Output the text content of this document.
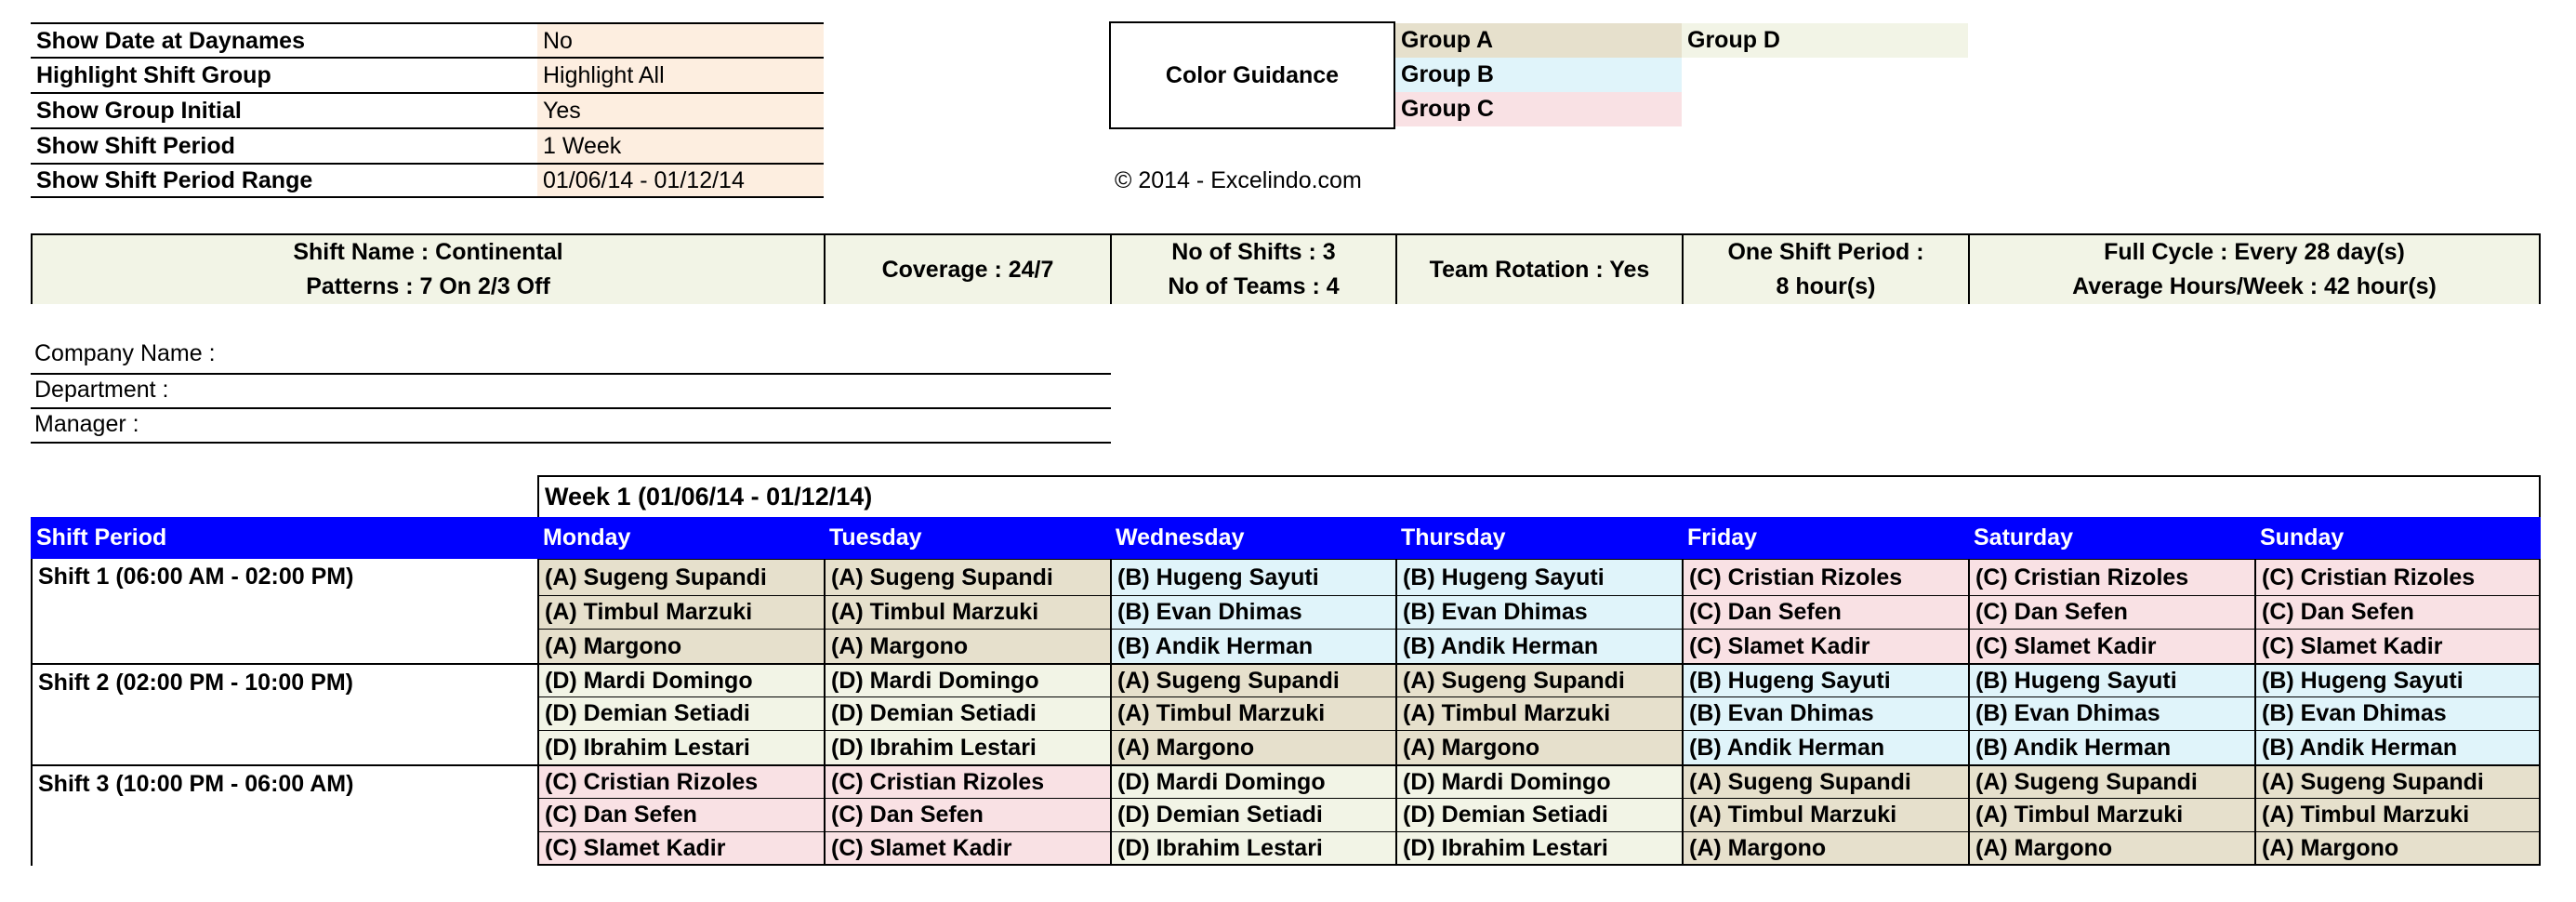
Show Date at Daynames	No
Highlight Shift Group	Highlight All
Show Group Initial	Yes
Show Shift Period	1 Week
Show Shift Period Range	01/06/14 - 01/12/14
Color Guidance
Group A
Group B
Group C
Group D
© 2014 - Excelindo.com
Shift Name : Continental
Patterns : 7 On 2/3 Off
Coverage : 24/7
No of Shifts : 3
No of Teams : 4
Team Rotation : Yes
One Shift Period :
8 hour(s)
Full Cycle : Every 28 day(s)
Average Hours/Week : 42 hour(s)
Company Name :
Department :
Manager :
Week 1 (01/06/14 - 01/12/14)
Shift Period	Monday	Tuesday	Wednesday	Thursday	Friday	Saturday	Sunday
Shift 1 (06:00 AM - 02:00 PM)	(A) Sugeng Supandi	(A) Sugeng Supandi	(B) Hugeng Sayuti	(B) Hugeng Sayuti	(C) Cristian Rizoles	(C) Cristian Rizoles	(C) Cristian Rizoles
(A) Timbul Marzuki	(A) Timbul Marzuki	(B) Evan Dhimas	(B) Evan Dhimas	(C) Dan Sefen	(C) Dan Sefen	(C) Dan Sefen
(A) Margono	(A) Margono	(B) Andik Herman	(B) Andik Herman	(C) Slamet Kadir	(C) Slamet Kadir	(C) Slamet Kadir
Shift 2 (02:00 PM - 10:00 PM)	(D) Mardi Domingo	(D) Mardi Domingo	(A) Sugeng Supandi	(A) Sugeng Supandi	(B) Hugeng Sayuti	(B) Hugeng Sayuti	(B) Hugeng Sayuti
(D) Demian Setiadi	(D) Demian Setiadi	(A) Timbul Marzuki	(A) Timbul Marzuki	(B) Evan Dhimas	(B) Evan Dhimas	(B) Evan Dhimas
(D) Ibrahim Lestari	(D) Ibrahim Lestari	(A) Margono	(A) Margono	(B) Andik Herman	(B) Andik Herman	(B) Andik Herman
Shift 3 (10:00 PM - 06:00 AM)	(C) Cristian Rizoles	(C) Cristian Rizoles	(D) Mardi Domingo	(D) Mardi Domingo	(A) Sugeng Supandi	(A) Sugeng Supandi	(A) Sugeng Supandi
(C) Dan Sefen	(C) Dan Sefen	(D) Demian Setiadi	(D) Demian Setiadi	(A) Timbul Marzuki	(A) Timbul Marzuki	(A) Timbul Marzuki
(C) Slamet Kadir	(C) Slamet Kadir	(D) Ibrahim Lestari	(D) Ibrahim Lestari	(A) Margono	(A) Margono	(A) Margono
